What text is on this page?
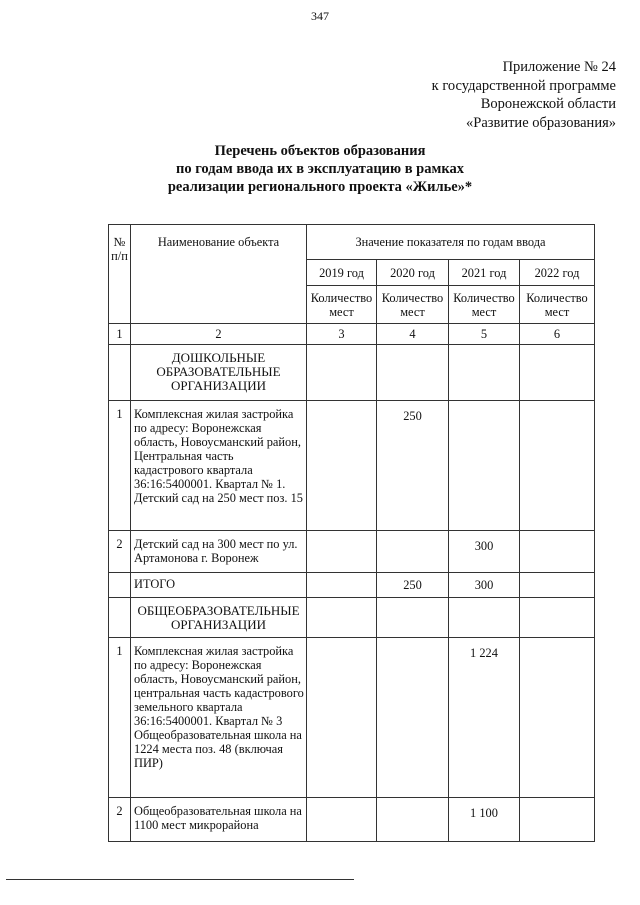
347
Приложение № 24
к государственной программе
Воронежской области
«Развитие образования»
Перечень объектов образования
по годам ввода их в эксплуатацию в рамках
реализации регионального проекта «Жилье»*
№ п/п	Наименование объекта	Значение показателя по годам ввода			
		2019 год	2020 год	2021 год	2022 год
		Количество мест	Количество мест	Количество мест	Количество мест
1	2	3	4	5	6
	ДОШКОЛЬНЫЕ ОБРАЗОВАТЕЛЬНЫЕ ОРГАНИЗАЦИИ				
1	Комплексная жилая застройка по адресу: Воронежская область, Новоусманский район, Центральная часть кадастрового квартала 36:16:5400001. Квартал № 1. Детский сад на 250 мест поз. 15		250		
2	Детский сад на 300 мест по ул. Артамонова г. Воронеж			300	
	ИТОГО		250	300	
	ОБЩЕОБРАЗОВАТЕЛЬНЫЕ ОРГАНИЗАЦИИ				
1	Комплексная жилая застройка по адресу: Воронежская область, Новоусманский район, центральная часть кадастрового земельного квартала 36:16:5400001. Квартал № 3 Общеобразовательная школа на 1224 места поз. 48 (включая ПИР)			1 224	
2	Общеобразовательная школа на 1100 мест микрорайона			1 100	
